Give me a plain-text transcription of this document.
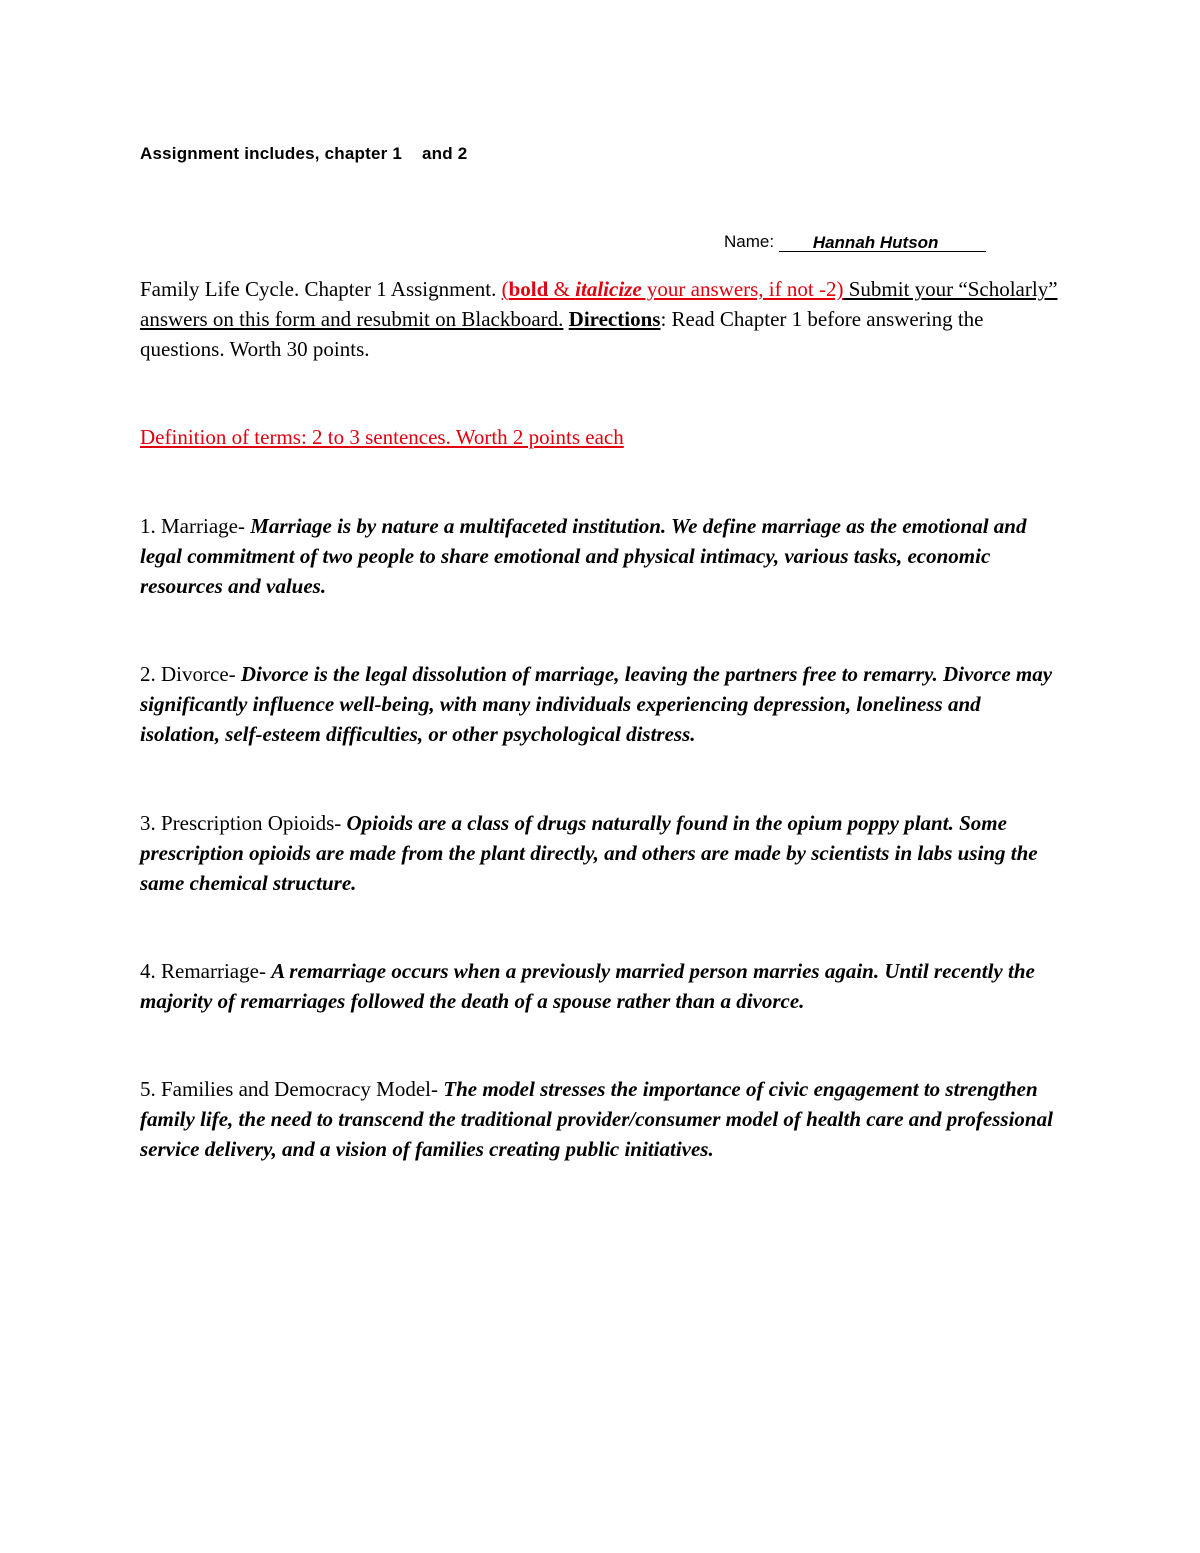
Assignment includes, chapter 1 and 2
Name: Hannah Hutson
Family Life Cycle. Chapter 1 Assignment. (bold & italicize your answers, if not -2) Submit your “Scholarly” answers on this form and resubmit on Blackboard. Directions: Read Chapter 1 before answering the questions. Worth 30 points.
Definition of terms: 2 to 3 sentences. Worth 2 points each
1. Marriage- Marriage is by nature a multifaceted institution. We define marriage as the emotional and legal commitment of two people to share emotional and physical intimacy, various tasks, economic resources and values.
2. Divorce- Divorce is the legal dissolution of marriage, leaving the partners free to remarry. Divorce may significantly influence well-being, with many individuals experiencing depression, loneliness and isolation, self-esteem difficulties, or other psychological distress.
3. Prescription Opioids- Opioids are a class of drugs naturally found in the opium poppy plant. Some prescription opioids are made from the plant directly, and others are made by scientists in labs using the same chemical structure.
4. Remarriage- A remarriage occurs when a previously married person marries again. Until recently the majority of remarriages followed the death of a spouse rather than a divorce.
5. Families and Democracy Model- The model stresses the importance of civic engagement to strengthen family life, the need to transcend the traditional provider/consumer model of health care and professional service delivery, and a vision of families creating public initiatives.
